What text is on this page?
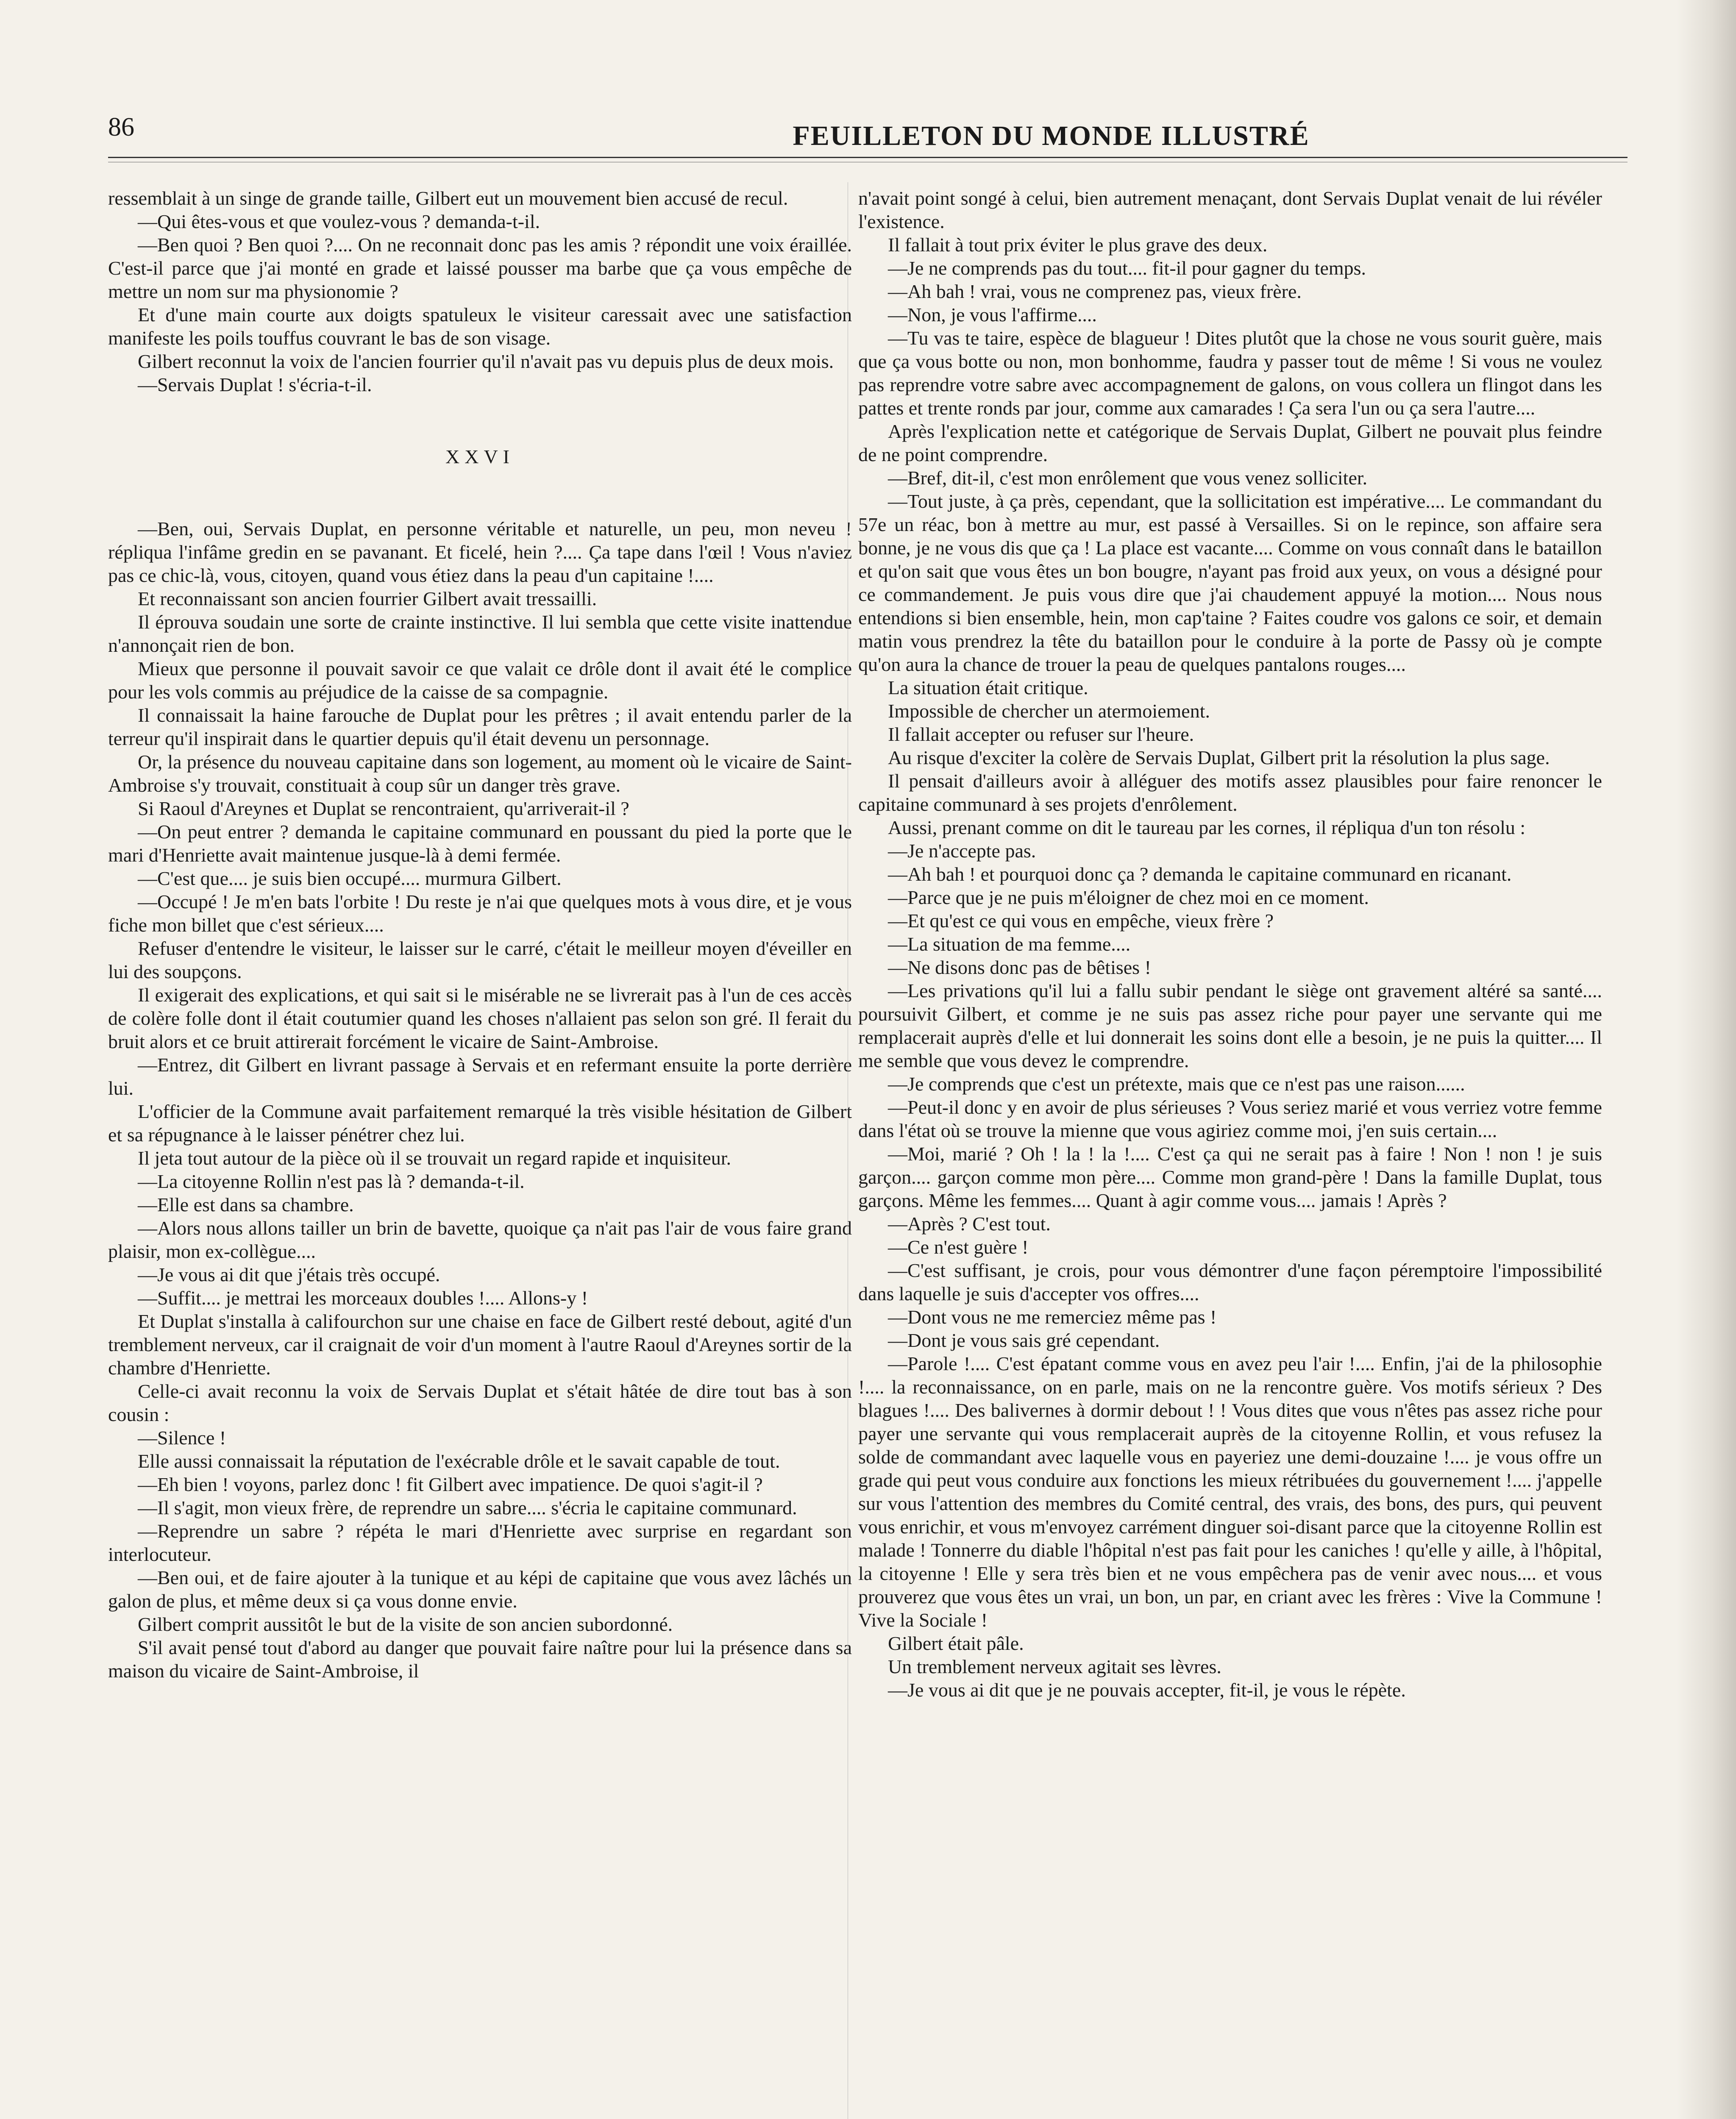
86	FEUILLETON DU MONDE ILLUSTRÉ

ressemblait à un singe de grande taille, Gilbert eut un mouvement bien accusé de recul.

—Qui êtes-vous et que voulez-vous ? demanda-t-il.

—Ben quoi ? Ben quoi ?.... On ne reconnait donc pas les amis ? répondit une voix éraillée. C'est-il parce que j'ai monté en grade et laissé pousser ma barbe que ça vous empêche de mettre un nom sur ma physionomie ?

Et d'une main courte aux doigts spatuleux le visiteur caressait avec une satisfaction manifeste les poils touffus couvrant le bas de son visage.

Gilbert reconnut la voix de l'ancien fourrier qu'il n'avait pas vu depuis plus de deux mois.

—Servais Duplat ! s'écria-t-il.

XXVI

—Ben, oui, Servais Duplat, en personne véritable et naturelle, un peu, mon neveu ! répliqua l'infâme gredin en se pavanant. Et ficelé, hein ?.... Ça tape dans l'œil ! Vous n'aviez pas ce chic-là, vous, citoyen, quand vous étiez dans la peau d'un capitaine !....

Et reconnaissant son ancien fourrier Gilbert avait tressailli.

Il éprouva soudain une sorte de crainte instinctive. Il lui sembla que cette visite inattendue n'annonçait rien de bon.

Mieux que personne il pouvait savoir ce que valait ce drôle dont il avait été le complice pour les vols commis au préjudice de la caisse de sa compagnie.

Il connaissait la haine farouche de Duplat pour les prêtres ; il avait entendu parler de la terreur qu'il inspirait dans le quartier depuis qu'il était devenu un personnage.

Or, la présence du nouveau capitaine dans son logement, au moment où le vicaire de Saint-Ambroise s'y trouvait, constituait à coup sûr un danger très grave.

Si Raoul d'Areynes et Duplat se rencontraient, qu'arriverait-il ?

—On peut entrer ? demanda le capitaine communard en poussant du pied la porte que le mari d'Henriette avait maintenue jusque-là à demi fermée.

—C'est que.... je suis bien occupé.... murmura Gilbert.

—Occupé ! Je m'en bats l'orbite ! Du reste je n'ai que quelques mots à vous dire, et je vous fiche mon billet que c'est sérieux....

Refuser d'entendre le visiteur, le laisser sur le carré, c'était le meilleur moyen d'éveiller en lui des soupçons.

Il exigerait des explications, et qui sait si le misérable ne se livrerait pas à l'un de ces accès de colère folle dont il était coutumier quand les choses n'allaient pas selon son gré. Il ferait du bruit alors et ce bruit attirerait forcément le vicaire de Saint-Ambroise.

—Entrez, dit Gilbert en livrant passage à Servais et en refermant ensuite la porte derrière lui.

L'officier de la Commune avait parfaitement remarqué la très visible hésitation de Gilbert et sa répugnance à le laisser pénétrer chez lui.

Il jeta tout autour de la pièce où il se trouvait un regard rapide et inquisiteur.

—La citoyenne Rollin n'est pas là ? demanda-t-il.

—Elle est dans sa chambre.

—Alors nous allons tailler un brin de bavette, quoique ça n'ait pas l'air de vous faire grand plaisir, mon ex-collègue....

—Je vous ai dit que j'étais très occupé.

—Suffit.... je mettrai les morceaux doubles !.... Allons-y !

Et Duplat s'installa à califourchon sur une chaise en face de Gilbert resté debout, agité d'un tremblement nerveux, car il craignait de voir d'un moment à l'autre Raoul d'Areynes sortir de la chambre d'Henriette.

Celle-ci avait reconnu la voix de Servais Duplat et s'était hâtée de dire tout bas à son cousin :

—Silence !

Elle aussi connaissait la réputation de l'exécrable drôle et le savait capable de tout.

—Eh bien ! voyons, parlez donc ! fit Gilbert avec impatience. De quoi s'agit-il ?

—Il s'agit, mon vieux frère, de reprendre un sabre.... s'écria le capitaine communard.

—Reprendre un sabre ? répéta le mari d'Henriette avec surprise en regardant son interlocuteur.

—Ben oui, et de faire ajouter à la tunique et au képi de capitaine que vous avez lâchés un galon de plus, et même deux si ça vous donne envie.

Gilbert comprit aussitôt le but de la visite de son ancien subordonné.

S'il avait pensé tout d'abord au danger que pouvait faire naître pour lui la présence dans sa maison du vicaire de Saint-Ambroise, il

n'avait point songé à celui, bien autrement menaçant, dont Servais Duplat venait de lui révéler l'existence.

Il fallait à tout prix éviter le plus grave des deux.

—Je ne comprends pas du tout.... fit-il pour gagner du temps.

—Ah bah ! vrai, vous ne comprenez pas, vieux frère.

—Non, je vous l'affirme....

—Tu vas te taire, espèce de blagueur ! Dites plutôt que la chose ne vous sourit guère, mais que ça vous botte ou non, mon bonhomme, faudra y passer tout de même ! Si vous ne voulez pas reprendre votre sabre avec accompagnement de galons, on vous collera un flingot dans les pattes et trente ronds par jour, comme aux camarades ! Ça sera l'un ou ça sera l'autre....

Après l'explication nette et catégorique de Servais Duplat, Gilbert ne pouvait plus feindre de ne point comprendre.

—Bref, dit-il, c'est mon enrôlement que vous venez solliciter.

—Tout juste, à ça près, cependant, que la sollicitation est impérative.... Le commandant du 57e un réac, bon à mettre au mur, est passé à Versailles. Si on le repince, son affaire sera bonne, je ne vous dis que ça ! La place est vacante.... Comme on vous connaît dans le bataillon et qu'on sait que vous êtes un bon bougre, n'ayant pas froid aux yeux, on vous a désigné pour ce commandement. Je puis vous dire que j'ai chaudement appuyé la motion.... Nous nous entendions si bien ensemble, hein, mon cap'taine ? Faites coudre vos galons ce soir, et demain matin vous prendrez la tête du bataillon pour le conduire à la porte de Passy où je compte qu'on aura la chance de trouer la peau de quelques pantalons rouges....

La situation était critique.

Impossible de chercher un atermoiement.

Il fallait accepter ou refuser sur l'heure.

Au risque d'exciter la colère de Servais Duplat, Gilbert prit la résolution la plus sage.

Il pensait d'ailleurs avoir à alléguer des motifs assez plausibles pour faire renoncer le capitaine communard à ses projets d'enrôlement.

Aussi, prenant comme on dit le taureau par les cornes, il répliqua d'un ton résolu :

—Je n'accepte pas.

—Ah bah ! et pourquoi donc ça ? demanda le capitaine communard en ricanant.

—Parce que je ne puis m'éloigner de chez moi en ce moment.

—Et qu'est ce qui vous en empêche, vieux frère ?

—La situation de ma femme....

—Ne disons donc pas de bêtises !

—Les privations qu'il lui a fallu subir pendant le siège ont gravement altéré sa santé.... poursuivit Gilbert, et comme je ne suis pas assez riche pour payer une servante qui me remplacerait auprès d'elle et lui donnerait les soins dont elle a besoin, je ne puis la quitter.... Il me semble que vous devez le comprendre.

—Je comprends que c'est un prétexte, mais que ce n'est pas une raison......

—Peut-il donc y en avoir de plus sérieuses ? Vous seriez marié et vous verriez votre femme dans l'état où se trouve la mienne que vous agiriez comme moi, j'en suis certain....

—Moi, marié ? Oh ! la ! la !.... C'est ça qui ne serait pas à faire ! Non ! non ! je suis garçon.... garçon comme mon père.... Comme mon grand-père ! Dans la famille Duplat, tous garçons. Même les femmes.... Quant à agir comme vous.... jamais ! Après ?

—Après ? C'est tout.

—Ce n'est guère !

—C'est suffisant, je crois, pour vous démontrer d'une façon péremptoire l'impossibilité dans laquelle je suis d'accepter vos offres....

—Dont vous ne me remerciez même pas !

—Dont je vous sais gré cependant.

—Parole !.... C'est épatant comme vous en avez peu l'air !.... Enfin, j'ai de la philosophie !.... la reconnaissance, on en parle, mais on ne la rencontre guère. Vos motifs sérieux ? Des blagues !.... Des balivernes à dormir debout ! ! Vous dites que vous n'êtes pas assez riche pour payer une servante qui vous remplacerait auprès de la citoyenne Rollin, et vous refusez la solde de commandant avec laquelle vous en payeriez une demi-douzaine !.... je vous offre un grade qui peut vous conduire aux fonctions les mieux rétribuées du gouvernement !.... j'appelle sur vous l'attention des membres du Comité central, des vrais, des bons, des purs, qui peuvent vous enrichir, et vous m'envoyez carrément dinguer soi-disant parce que la citoyenne Rollin est malade ! Tonnerre du diable l'hôpital n'est pas fait pour les caniches ! qu'elle y aille, à l'hôpital, la citoyenne ! Elle y sera très bien et ne vous empêchera pas de venir avec nous.... et vous prouverez que vous êtes un vrai, un bon, un par, en criant avec les frères : Vive la Commune ! Vive la Sociale !

Gilbert était pâle.

Un tremblement nerveux agitait ses lèvres.

—Je vous ai dit que je ne pouvais accepter, fit-il, je vous le répète.
